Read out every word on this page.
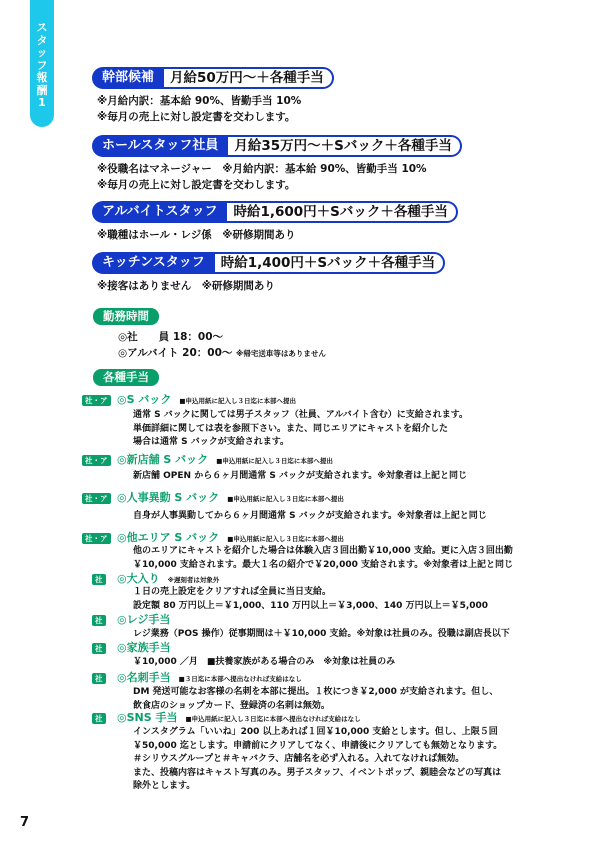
ス
タ
ッ
フ
報
酬
1
幹部候補	月給50万円〜＋各種手当
※月給内訳：基本給 90%、皆勤手当 10%
※毎月の売上に対し設定書を交わします。
ホールスタッフ社員	月給35万円〜＋Sバック＋各種手当
※役職名はマネージャー　※月給内訳：基本給 90%、皆勤手当 10%
※毎月の売上に対し設定書を交わします。
アルバイトスタッフ	時給1,600円＋Sバック＋各種手当
※職種はホール・レジ係　※研修期間あり
キッチンスタッフ	時給1,400円＋Sバック＋各種手当
※接客はありません　※研修期間あり
勤務時間
◎社　　員 18：00〜
◎アルバイト 20：00〜 ※帰宅送車等はありません
各種手当
社・ア ◎S バック ■申込用紙に記入し３日迄に本部へ提出
通常 S バックに関しては男子スタッフ（社員、アルバイト含む）に支給されます。
単価詳細に関しては表を参照下さい。また、同じエリアにキャストを紹介した
場合は通常 S バックが支給されます。
社・ア ◎新店舗 S バック ■申込用紙に記入し３日迄に本部へ提出
新店舗 OPEN から６ヶ月間通常 S バックが支給されます。※対象者は上記と同じ
社・ア ◎人事異動 S バック ■申込用紙に記入し３日迄に本部へ提出
自身が人事異動してから６ヶ月間通常 S バックが支給されます。※対象者は上記と同じ
社・ア ◎他エリア S バック ■申込用紙に記入し３日迄に本部へ提出
他のエリアにキャストを紹介した場合は体験入店３回出勤￥10,000 支給。更に入店３回出勤
￥10,000 支給されます。最大１名の紹介で￥20,000 支給されます。※対象者は上記と同じ
社 ◎大入り ※遅刻者は対象外
１日の売上設定をクリアすれば全員に当日支給。
設定額 80 万円以上＝￥1,000、110 万円以上＝￥3,000、140 万円以上＝￥5,000
社 ◎レジ手当
レジ業務（POS 操作）従事期間は＋￥10,000 支給。※対象は社員のみ。役職は副店長以下
社 ◎家族手当
￥10,000 ／月　■扶養家族がある場合のみ　※対象は社員のみ
社 ◎名刺手当 ■３日迄に本部へ提出なければ支給はなし
DM 発送可能なお客様の名刺を本部に提出。１枚につき￥2,000 が支給されます。但し、
飲食店のショップカード、登録済の名刺は無効。
社 ◎SNS 手当 ■申込用紙に記入し３日迄に本部へ提出なければ支給はなし
インスタグラム「いいね」200 以上あれば１回￥10,000 支給とします。但し、上限５回
￥50,000 迄とします。申請前にクリアしてなく、申請後にクリアしても無効となります。
＃シリウスグループと＃キャバクラ、店舗名を必ず入れる。入れてなければ無効。
また、投稿内容はキャスト写真のみ。男子スタッフ、イベントポップ、親睦会などの写真は
除外とします。
7
